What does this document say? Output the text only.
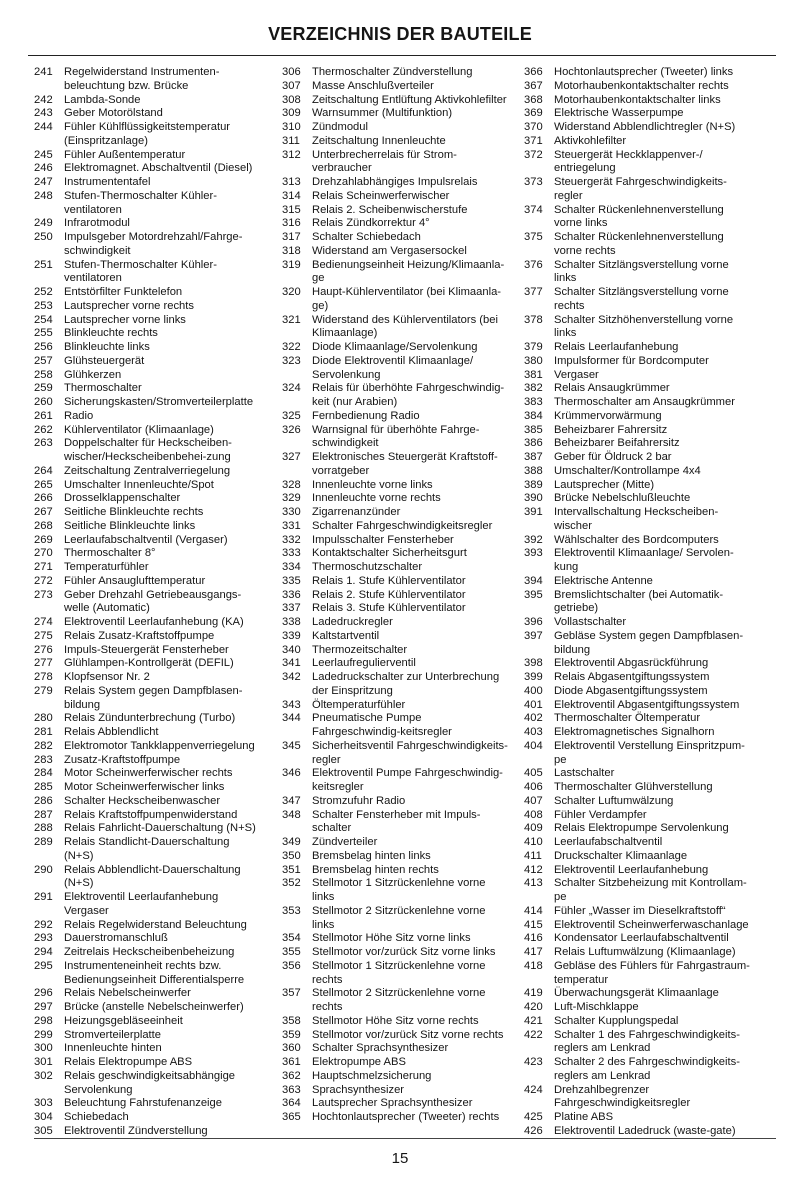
VERZEICHNIS DER BAUTEILE
241	Regelwiderstand Instrumenten-
beleuchtung bzw. Brücke
242	Lambda-Sonde
243	Geber Motorölstand
244	Fühler Kühlflüssigkeitstemperatur
(Einspritzanlage)
245	Fühler Außentemperatur
246	Elektromagnet. Abschaltventil (Diesel)
247	Instrumententafel
248	Stufen-Thermoschalter Kühler-
ventilatoren
249	Infrarotmodul
250	Impulsgeber Motordrehzahl/Fahrge-
schwindigkeit
251	Stufen-Thermoschalter Kühler-
ventilatoren
252	Entstörfilter Funktelefon
253	Lautsprecher vorne rechts
254	Lautsprecher vorne links
255	Blinkleuchte rechts
256	Blinkleuchte links
257	Glühsteuergerät
258	Glühkerzen
259	Thermoschalter
260	Sicherungskasten/Stromverteilerplatte
261	Radio
262	Kühlerventilator (Klimaanlage)
263	Doppelschalter für Heckscheiben-
wischer/Heckscheibenbehei-zung
264	Zeitschaltung Zentralverriegelung
265	Umschalter Innenleuchte/Spot
266	Drosselklappenschalter
267	Seitliche Blinkleuchte rechts
268	Seitliche Blinkleuchte links
269	Leerlaufabschaltventil (Vergaser)
270	Thermoschalter 8°
271	Temperaturfühler
272	Fühler Ansauglufttemperatur
273	Geber Drehzahl Getriebeausgangs-
welle (Automatic)
274	Elektroventil Leerlaufanhebung (KA)
275	Relais Zusatz-Kraftstoffpumpe
276	Impuls-Steuergerät Fensterheber
277	Glühlampen-Kontrollgerät (DEFIL)
278	Klopfsensor Nr. 2
279	Relais System gegen Dampfblasen-
bildung
280	Relais Zündunterbrechung (Turbo)
281	Relais Abblendlicht
282	Elektromotor Tankklappenverriegelung
283	Zusatz-Kraftstoffpumpe
284	Motor Scheinwerferwischer rechts
285	Motor Scheinwerferwischer links
286	Schalter Heckscheibenwascher
287	Relais Kraftstoffpumpenwiderstand
288	Relais Fahrlicht-Dauerschaltung (N+S)
289	Relais Standlicht-Dauerschaltung
(N+S)
290	Relais Abblendlicht-Dauerschaltung
(N+S)
291	Elektroventil Leerlaufanhebung
Vergaser
292	Relais Regelwiderstand Beleuchtung
293	Dauerstromanschluß
294	Zeitrelais Heckscheibenbeheizung
295	Instrumenteneinheit rechts bzw.
Bedienungseinheit Differentialsperre
296	Relais Nebelscheinwerfer
297	Brücke (anstelle Nebelscheinwerfer)
298	Heizungsgebläseeinheit
299	Stromverteilerplatte
300	Innenleuchte hinten
301	Relais Elektropumpe ABS
302	Relais geschwindigkeitsabhängige
Servolenkung
303	Beleuchtung Fahrstufenanzeige
304	Schiebedach
305	Elektroventil Zündverstellung
306	Thermoschalter Zündverstellung
307	Masse Anschlußverteiler
308	Zeitschaltung Entlüftung Aktivkohlefilter
309	Warnsummer (Multifunktion)
310	Zündmodul
311	Zeitschaltung Innenleuchte
312	Unterbrecherrelais für Strom-
verbraucher
313	Drehzahlabhängiges Impulsrelais
314	Relais Scheinwerferwischer
315	Relais 2. Scheibenwischerstufe
316	Relais Zündkorrektur 4°
317	Schalter Schiebedach
318	Widerstand am Vergasersockel
319	Bedienungseinheit Heizung/Klimaanla-
ge
320	Haupt-Kühlerventilator (bei Klimaanla-
ge)
321	Widerstand des Kühlerventilators (bei
Klimaanlage)
322	Diode Klimaanlage/Servolenkung
323	Diode Elektroventil Klimaanlage/
Servolenkung
324	Relais für überhöhte Fahrgeschwindig-
keit (nur Arabien)
325	Fernbedienung Radio
326	Warnsignal für überhöhte Fahrge-
schwindigkeit
327	Elektronisches Steuergerät Kraftstoff-
vorratgeber
328	Innenleuchte vorne links
329	Innenleuchte vorne rechts
330	Zigarrenanzünder
331	Schalter Fahrgeschwindigkeitsregler
332	Impulsschalter Fensterheber
333	Kontaktschalter Sicherheitsgurt
334	Thermoschutzschalter
335	Relais 1. Stufe Kühlerventilator
336	Relais 2. Stufe Kühlerventilator
337	Relais 3. Stufe Kühlerventilator
338	Ladedruckregler
339	Kaltstartventil
340	Thermozeitschalter
341	Leerlaufregulierventil
342	Ladedruckschalter zur Unterbrechung
der Einspritzung
343	Öltemperaturfühler
344	Pneumatische Pumpe
Fahrgeschwindig-keitsregler
345	Sicherheitsventil Fahrgeschwindigkeits-
regler
346	Elektroventil Pumpe Fahrgeschwindig-
keitsregler
347	Stromzufuhr Radio
348	Schalter Fensterheber mit Impuls-
schalter
349	Zündverteiler
350	Bremsbelag hinten links
351	Bremsbelag hinten rechts
352	Stellmotor 1 Sitzrückenlehne vorne
links
353	Stellmotor 2 Sitzrückenlehne vorne
links
354	Stellmotor Höhe Sitz vorne links
355	Stellmotor vor/zurück Sitz vorne links
356	Stellmotor 1 Sitzrückenlehne vorne
rechts
357	Stellmotor 2 Sitzrückenlehne vorne
rechts
358	Stellmotor Höhe Sitz vorne rechts
359	Stellmotor vor/zurück Sitz vorne rechts
360	Schalter Sprachsynthesizer
361	Elektropumpe ABS
362	Hauptschmelzsicherung
363	Sprachsynthesizer
364	Lautsprecher Sprachsynthesizer
365	Hochtonlautsprecher (Tweeter) rechts
366	Hochtonlautsprecher (Tweeter) links
367	Motorhaubenkontaktschalter rechts
368	Motorhaubenkontaktschalter links
369	Elektrische Wasserpumpe
370	Widerstand Abblendlichtregler (N+S)
371	Aktivkohlefilter
372	Steuergerät Heckklappenver-/
entriegelung
373	Steuergerät Fahrgeschwindigkeits-
regler
374	Schalter Rückenlehnenverstellung
vorne links
375	Schalter Rückenlehnenverstellung
vorne rechts
376	Schalter Sitzlängsverstellung vorne
links
377	Schalter Sitzlängsverstellung vorne
rechts
378	Schalter Sitzhöhenverstellung vorne
links
379	Relais Leerlaufanhebung
380	Impulsformer für Bordcomputer
381	Vergaser
382	Relais Ansaugkrümmer
383	Thermoschalter am Ansaugkrümmer
384	Krümmervorwärmung
385	Beheizbarer Fahrersitz
386	Beheizbarer Beifahrersitz
387	Geber für Öldruck 2 bar
388	Umschalter/Kontrollampe 4x4
389	Lautsprecher (Mitte)
390	Brücke Nebelschlußleuchte
391	Intervallschaltung Heckscheiben-
wischer
392	Wählschalter des Bordcomputers
393	Elektroventil Klimaanlage/ Servolen-
kung
394	Elektrische Antenne
395	Bremslichtschalter (bei Automatik-
getriebe)
396	Vollastschalter
397	Gebläse System gegen Dampfblasen-
bildung
398	Elektroventil Abgasrückführung
399	Relais Abgasentgiftungssystem
400	Diode Abgasentgiftungssystem
401	Elektroventil Abgasentgiftungssystem
402	Thermoschalter Öltemperatur
403	Elektromagnetisches Signalhorn
404	Elektroventil Verstellung Einspritzpum-
pe
405	Lastschalter
406	Thermoschalter Glühverstellung
407	Schalter Luftumwälzung
408	Fühler Verdampfer
409	Relais Elektropumpe Servolenkung
410	Leerlaufabschaltventil
411	Druckschalter Klimaanlage
412	Elektroventil Leerlaufanhebung
413	Schalter Sitzbeheizung mit Kontrollam-
pe
414	Fühler „Wasser im Dieselkraftstoff“
415	Elektroventil Scheinwerferwaschanlage
416	Kondensator Leerlaufabschaltventil
417	Relais Luftumwälzung (Klimaanlage)
418	Gebläse des Fühlers für Fahrgastraum-
temperatur
419	Überwachungsgerät Klimaanlage
420	Luft-Mischklappe
421	Schalter Kupplungspedal
422	Schalter 1 des Fahrgeschwindigkeits-
reglers am Lenkrad
423	Schalter 2 des Fahrgeschwindigkeits-
reglers am Lenkrad
424	Drehzahlbegrenzer
Fahrgeschwindigkeitsregler
425	Platine ABS
426	Elektroventil Ladedruck (waste-gate)
15
